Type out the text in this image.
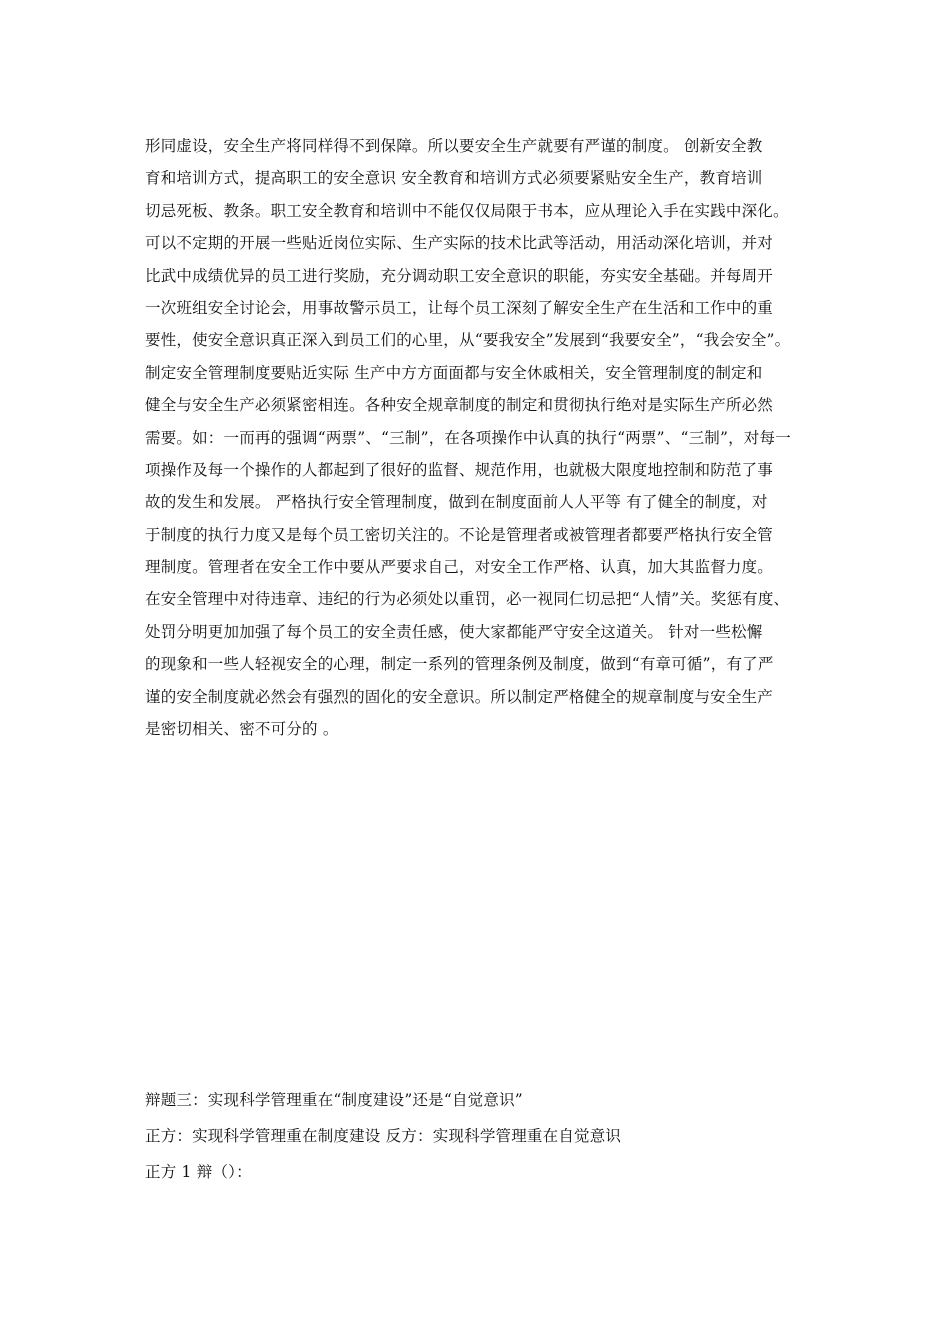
形同虚设，安全生产将同样得不到保障。所以要安全生产就要有严谨的制度。 创新安全教
育和培训方式，提高职工的安全意识 安全教育和培训方式必须要紧贴安全生产，教育培训
切忌死板、教条。职工安全教育和培训中不能仅仅局限于书本，应从理论入手在实践中深化。
可以不定期的开展一些贴近岗位实际、生产实际的技术比武等活动，用活动深化培训，并对
比武中成绩优异的员工进行奖励，充分调动职工安全意识的职能，夯实安全基础。并每周开
一次班组安全讨论会，用事故警示员工，让每个员工深刻了解安全生产在生活和工作中的重
要性，使安全意识真正深入到员工们的心里，从“要我安全”发展到“我要安全”，“我会安全”。
制定安全管理制度要贴近实际 生产中方方面面都与安全休戚相关，安全管理制度的制定和
健全与安全生产必须紧密相连。各种安全规章制度的制定和贯彻执行绝对是实际生产所必然
需要。如：一而再的强调“两票”、“三制”，在各项操作中认真的执行“两票”、“三制”，对每一
项操作及每一个操作的人都起到了很好的监督、规范作用，也就极大限度地控制和防范了事
故的发生和发展。 严格执行安全管理制度，做到在制度面前人人平等 有了健全的制度，对
于制度的执行力度又是每个员工密切关注的。不论是管理者或被管理者都要严格执行安全管
理制度。管理者在安全工作中要从严要求自己，对安全工作严格、认真，加大其监督力度。
在安全管理中对待违章、违纪的行为必须处以重罚，必一视同仁切忌把“人情”关。奖惩有度、
处罚分明更加加强了每个员工的安全责任感，使大家都能严守安全这道关。 针对一些松懈
的现象和一些人轻视安全的心理，制定一系列的管理条例及制度，做到“有章可循”，有了严
谨的安全制度就必然会有强烈的固化的安全意识。所以制定严格健全的规章制度与安全生产
是密切相关、密不可分的 。
辩题三：实现科学管理重在“制度建设”还是“自觉意识”
正方：实现科学管理重在制度建设 反方：实现科学管理重在自觉意识
正方 1 辩（）：
